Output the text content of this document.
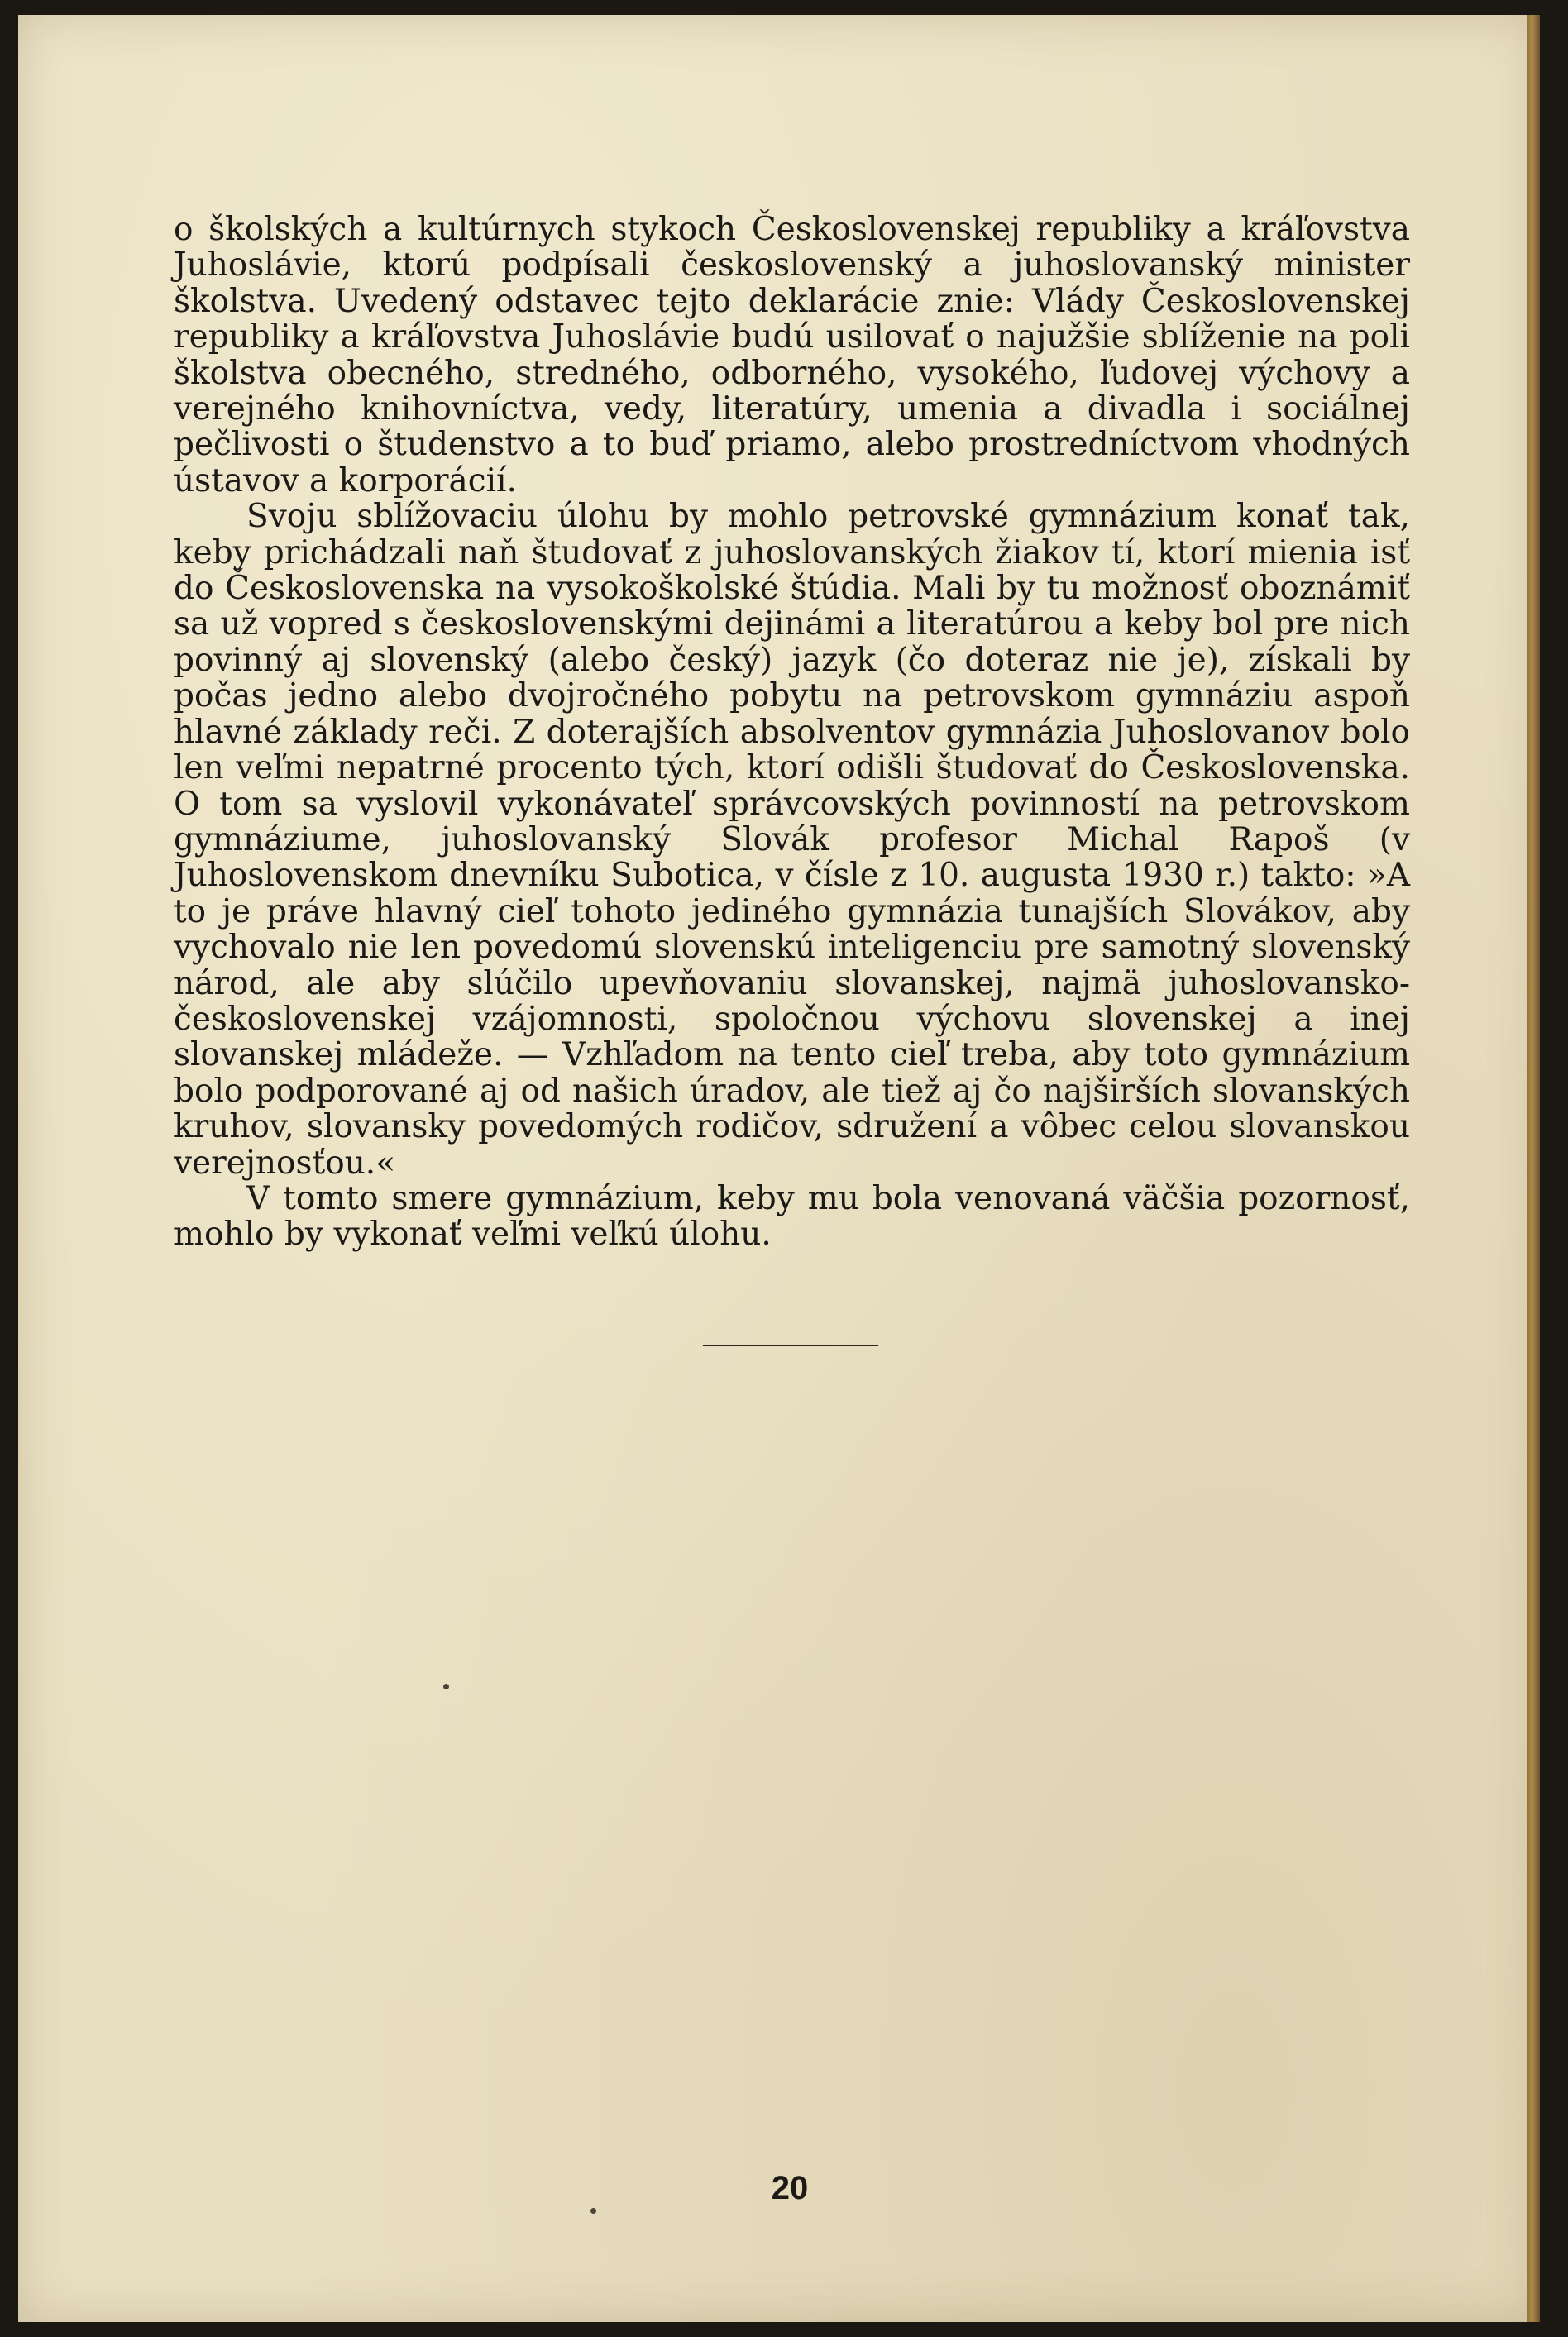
o školských a kultúrnych stykoch Československej republiky a kráľovstva Juhoslávie, ktorú podpísali československý a juhoslovanský minister školstva. Uvedený odstavec tejto deklarácie znie: Vlády Československej republiky a kráľovstva Juhoslávie budú usilovať o najužšie sblíženie na poli školstva obecného, stredného, odborného, vysokého, ľudovej výchovy a verejného knihovníctva, vedy, literatúry, umenia a divadla i sociálnej pečlivosti o študenstvo a to buď priamo, alebo prostredníctvom vhodných ústavov a korporácií.

Svoju sblížovaciu úlohu by mohlo petrovské gymnázium konať tak, keby prichádzali naň študovať z juhoslovanských žiakov tí, ktorí mienia isť do Československa na vysokoškolské štúdia. Mali by tu možnosť oboznámiť sa už vopred s československými dejinámi a literatúrou a keby bol pre nich povinný aj slovenský (alebo český) jazyk (čo doteraz nie je), získali by počas jedno alebo dvojročného pobytu na petrovskom gymnáziu aspoň hlavné základy reči. Z doterajších absolventov gymnázia Juhoslovanov bolo len veľmi nepatrné procento tých, ktorí odišli študovať do Československa. O tom sa vyslovil vykonávateľ správcovských povinností na petrovskom gymnáziume, juhoslovanský Slovák profesor Michal Rapoš (v Juhoslovenskom dnevníku Subotica, v čísle z 10. augusta 1930 r.) takto: »A to je práve hlavný cieľ tohoto jediného gymnázia tunajších Slovákov, aby vychovalo nie len povedomú slovenskú inteligenciu pre samotný slovenský národ, ale aby slúčilo upevňovaniu slovanskej, najmä juhoslovansko-československej vzájomnosti, spoločnou výchovu slovenskej a inej slovanskej mládeže. — Vzhľadom na tento cieľ treba, aby toto gymnázium bolo podporované aj od našich úradov, ale tiež aj čo najširších slovanských kruhov, slovansky povedomých rodičov, sdružení a vôbec celou slovanskou verejnosťou.«

V tomto smere gymnázium, keby mu bola venovaná väčšia pozornosť, mohlo by vykonať veľmi veľkú úlohu.

20
